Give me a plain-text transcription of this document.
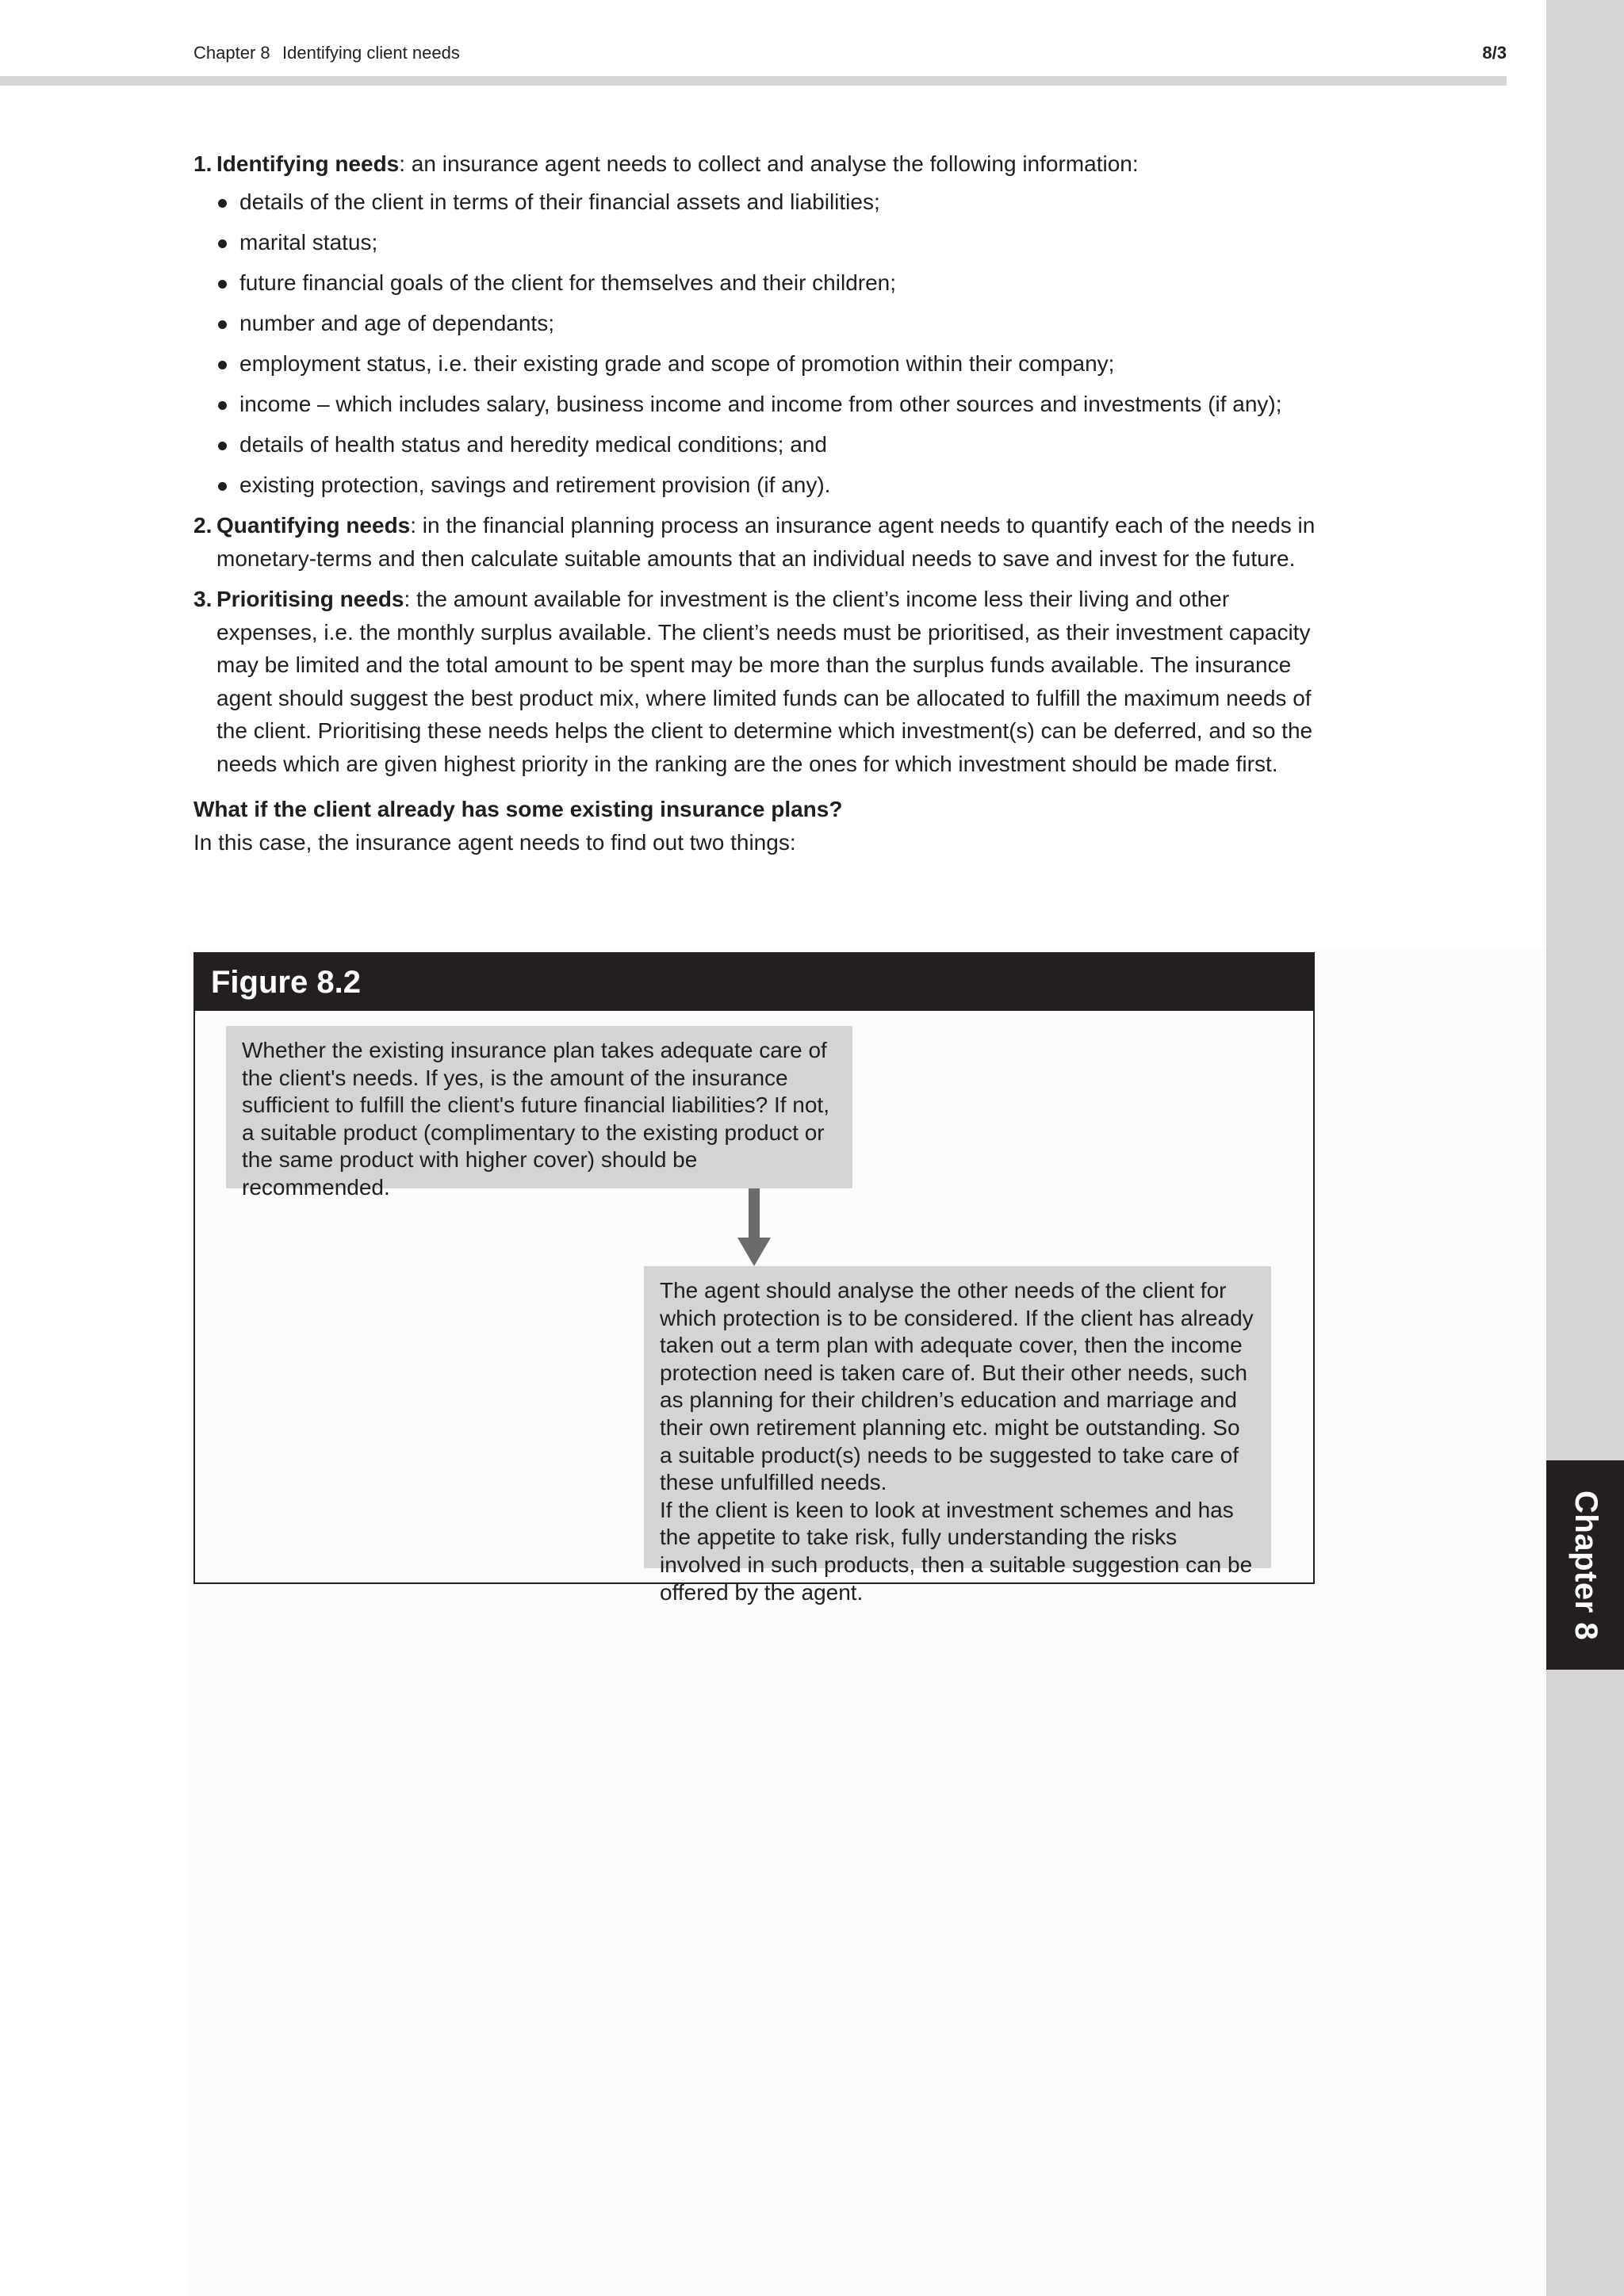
Chapter 8
Chapter 8 Identifying client needs	8/3
1. Identifying needs: an insurance agent needs to collect and analyse the following information:
details of the client in terms of their financial assets and liabilities;
marital status;
future financial goals of the client for themselves and their children;
number and age of dependants;
employment status, i.e. their existing grade and scope of promotion within their company;
income – which includes salary, business income and income from other sources and investments (if any);
details of health status and heredity medical conditions; and
existing protection, savings and retirement provision (if any).
2. Quantifying needs: in the financial planning process an insurance agent needs to quantify each of the needs in monetary-terms and then calculate suitable amounts that an individual needs to save and invest for the future.
3. Prioritising needs: the amount available for investment is the client’s income less their living and other expenses, i.e. the monthly surplus available. The client’s needs must be prioritised, as their investment capacity may be limited and the total amount to be spent may be more than the surplus funds available. The insurance agent should suggest the best product mix, where limited funds can be allocated to fulfill the maximum needs of the client. Prioritising these needs helps the client to determine which investment(s) can be deferred, and so the needs which are given highest priority in the ranking are the ones for which investment should be made first.
What if the client already has some existing insurance plans?
In this case, the insurance agent needs to find out two things:
Figure 8.2
Whether the existing insurance plan takes adequate care of the client's needs. If yes, is the amount of the insurance sufficient to fulfill the client's future financial liabilities? If not, a suitable product (complimentary to the existing product or the same product with higher cover) should be recommended.
The agent should analyse the other needs of the client for which protection is to be considered. If the client has already taken out a term plan with adequate cover, then the income protection need is taken care of. But their other needs, such as planning for their children’s education and marriage and their own retirement planning etc. might be outstanding. So a suitable product(s) needs to be suggested to take care of these unfulfilled needs.
If the client is keen to look at investment schemes and has the appetite to take risk, fully understanding the risks involved in such products, then a suitable suggestion can be offered by the agent.
